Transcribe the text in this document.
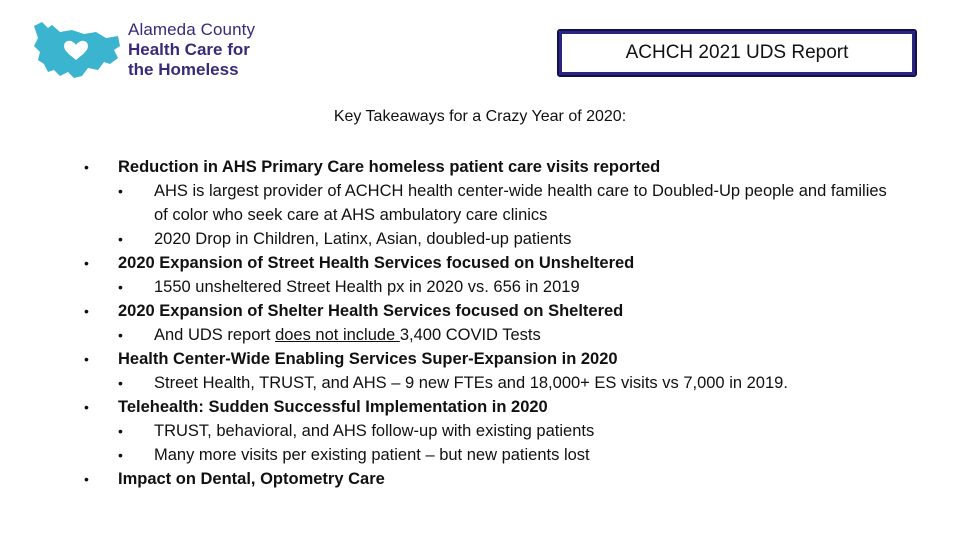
Alameda County
Health Care for
the Homeless
ACHCH 2021 UDS Report
Key Takeaways for a Crazy Year of 2020:
•	Reduction in AHS Primary Care homeless patient care visits reported
• AHS is largest provider of ACHCH health center-wide health care to Doubled-Up people and families of color who seek care at AHS ambulatory care clinics
• 2020 Drop in Children, Latinx, Asian, doubled-up patients
•	2020 Expansion of Street Health Services focused on Unsheltered
• 1550 unsheltered Street Health px in 2020 vs. 656 in 2019
•	2020 Expansion of Shelter Health Services focused on Sheltered
• And UDS report does not include 3,400 COVID Tests
•	Health Center-Wide Enabling Services Super-Expansion in 2020
• Street Health, TRUST, and AHS – 9 new FTEs and 18,000+ ES visits vs 7,000 in 2019.
•	Telehealth: Sudden Successful Implementation in 2020
• TRUST, behavioral, and AHS follow-up with existing patients
• Many more visits per existing patient – but new patients lost
•	Impact on Dental, Optometry Care
